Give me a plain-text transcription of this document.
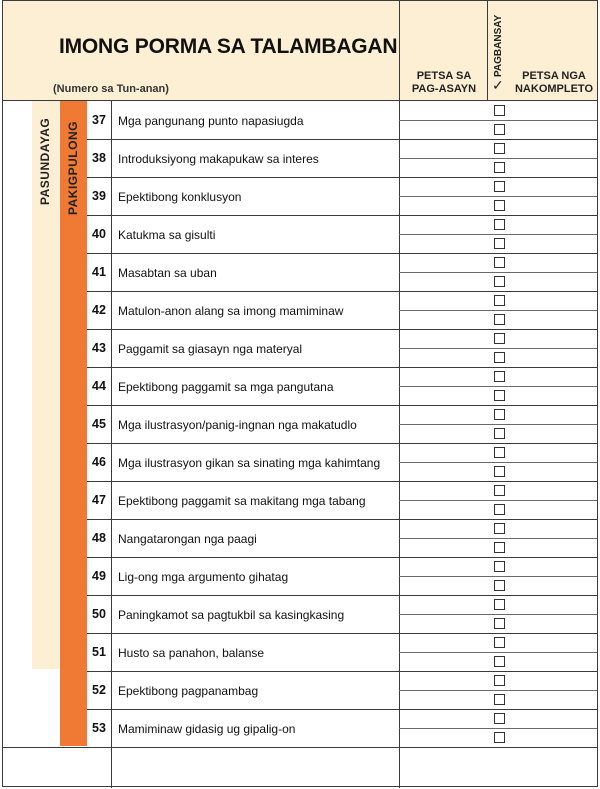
IMONG PORMA SA TALAMBAGAN
(Numero sa Tun-anan)
PETSA SA PAG-ASAYN
PAGBANSAY
✓
PETSA NGA NAKOMPLETO
PASUNDAYAG PAKIGPULONG
37	Mga pangunang punto napasiugda
38	Introduksiyong makapukaw sa interes
39	Epektibong konklusyon
40	Katukma sa gisulti
41	Masabtan sa uban
42	Matulon-anon alang sa imong mamiminaw
43	Paggamit sa giasayn nga materyal
44	Epektibong paggamit sa mga pangutana
45	Mga ilustrasyon/panig-ingnan nga makatudlo
46	Mga ilustrasyon gikan sa sinating mga kahimtang
47	Epektibong paggamit sa makitang mga tabang
48	Nangatarongan nga paagi
49	Lig-ong mga argumento gihatag
50	Paningkamot sa pagtukbil sa kasingkasing
51	Husto sa panahon, balanse
52	Epektibong pagpanambag
53	Mamiminaw gidasig ug gipalig-on
